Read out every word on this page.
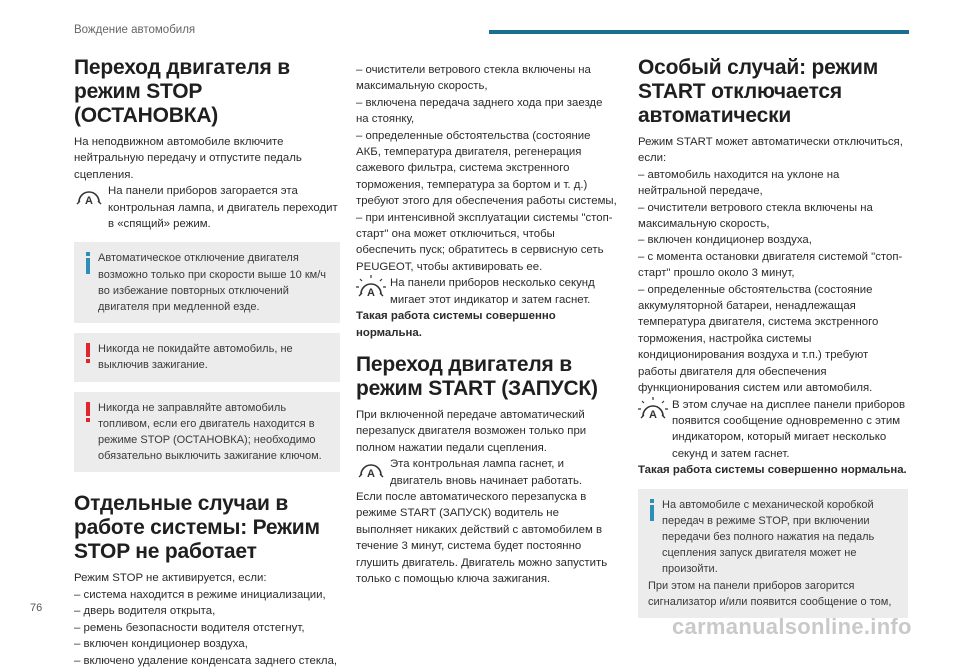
Вождение автомобиля
Переход двигателя в режим STOP (ОСТАНОВКА)

На неподвижном автомобиле включите нейтральную передачу и отпустите педаль сцепления.

На панели приборов загорается эта контрольная лампа, и двигатель переходит в «спящий» режим.

Автоматическое отключение двигателя возможно только при скорости выше 10 км/ч во избежание повторных отключений двигателя при медленной езде.

Никогда не покидайте автомобиль, не выключив зажигание.

Никогда не заправляйте автомобиль топливом, если его двигатель находится в режиме STOP (ОСТАНОВКА); необходимо обязательно выключить зажигание ключом.

Отдельные случаи в работе системы: Режим STOP не работает

Режим STOP не активируется, если:

– система находится в режиме инициализации,
– дверь водителя открыта,
– ремень безопасности водителя отстегнут,
– включен кондиционер воздуха,
– включено удаление конденсата заднего стекла,
– очистители ветрового стекла включены на максимальную скорость,
– включена передача заднего хода при заезде на стоянку,
– определенные обстоятельства (состояние АКБ, температура двигателя, регенерация сажевого фильтра, система экстренного торможения, температура за бортом и т. д.) требуют этого для обеспечения работы системы,
– при интенсивной эксплуатации системы "стоп-старт" она может отключиться, чтобы обеспечить пуск; обратитесь в сервисную сеть PEUGEOT, чтобы активировать ее.

На панели приборов несколько секунд мигает этот индикатор и затем гаснет.

Такая работа системы совершенно нормальна.

Переход двигателя в режим START (ЗАПУСК)

При включенной передаче автоматический перезапуск двигателя возможен только при полном нажатии педали сцепления.

Эта контрольная лампа гаснет, и двигатель вновь начинает работать.

Если после автоматического перезапуска в режиме START (ЗАПУСК) водитель не выполняет никаких действий с автомобилем в течение 3 минут, система будет постоянно глушить двигатель. Двигатель можно запустить только с помощью ключа зажигания.

Особый случай: режим START отключается автоматически

Режим START может автоматически отключиться, если:

– автомобиль находится на уклоне на нейтральной передаче,
– очистители ветрового стекла включены на максимальную скорость,
– включен кондиционер воздуха,
– с момента остановки двигателя системой "стоп-старт" прошло около 3 минут,
– определенные обстоятельства (состояние аккумуляторной батареи, ненадлежащая температура двигателя, система экстренного торможения, настройка системы кондиционирования воздуха и т.п.) требуют работы двигателя для обеспечения функционирования систем или автомобиля.

В этом случае на дисплее панели приборов появится сообщение одновременно с этим индикатором, который мигает несколько секунд и затем гаснет.

Такая работа системы совершенно нормальна.

На автомобиле с механической коробкой передач в режиме STOP, при включении передачи без полного нажатия на педаль сцепления запуск двигателя может не произойти.

При этом на панели приборов загорится сигнализатор и/или появится сообщение о том,

76
carmanualsonline.info
